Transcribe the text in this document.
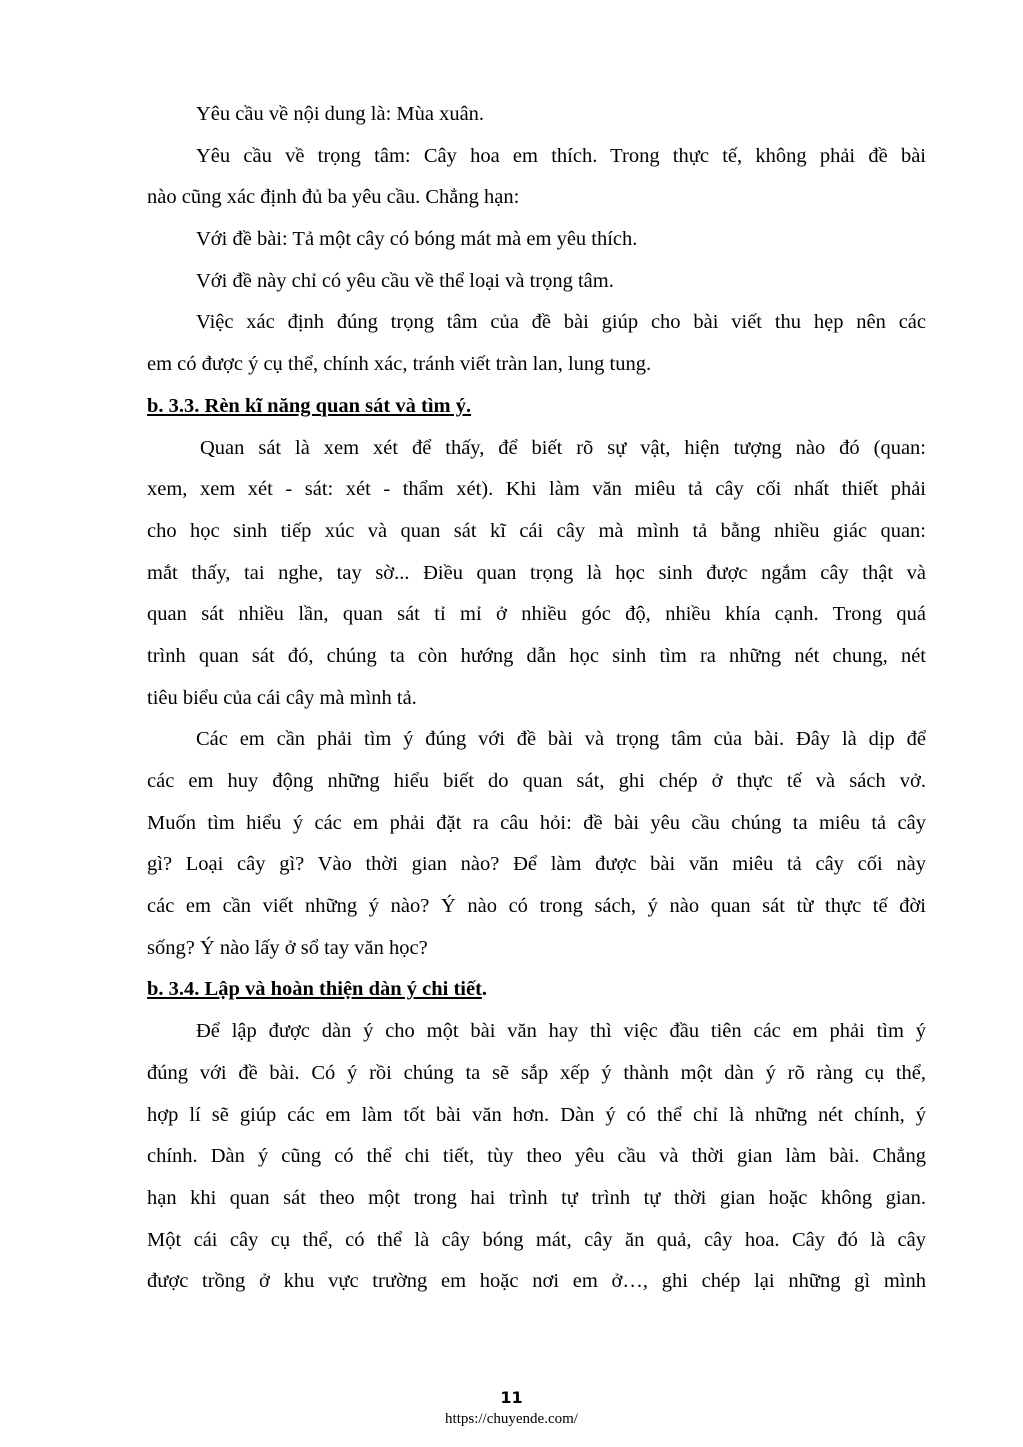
Yêu cầu về nội dung là: Mùa xuân.
Yêu cầu về trọng tâm: Cây hoa em thích. Trong thực tế, không phải đề bài
nào cũng xác định đủ ba yêu cầu. Chẳng hạn:
Với đề bài: Tả một cây có bóng mát mà em yêu thích.
Với đề này chỉ có yêu cầu về thể loại và trọng tâm.
Việc xác định đúng trọng tâm của đề bài giúp cho bài viết thu hẹp nên các
em có được ý cụ thể, chính xác, tránh viết tràn lan, lung tung.
b. 3.3. Rèn kĩ năng quan sát và tìm ý.
Quan sát là xem xét để thấy, để biết rõ sự vật, hiện tượng nào đó (quan:
xem, xem xét - sát: xét - thẩm xét). Khi làm văn miêu tả cây cối nhất thiết phải
cho học sinh tiếp xúc và quan sát kĩ cái cây mà mình tả bằng nhiều giác quan:
mắt thấy, tai nghe, tay sờ... Điều quan trọng là học sinh được ngắm cây thật và
quan sát nhiều lần, quan sát tỉ mỉ ở nhiều góc độ, nhiều khía cạnh. Trong quá
trình quan sát đó, chúng ta còn hướng dẫn học sinh tìm ra những nét chung, nét
tiêu biểu của cái cây mà mình tả.
Các em cần phải tìm ý đúng với đề bài và trọng tâm của bài. Đây là dịp để
các em huy động những hiểu biết do quan sát, ghi chép ở thực tế và sách vở.
Muốn tìm hiểu ý các em phải đặt ra câu hỏi: đề bài yêu cầu chúng ta miêu tả cây
gì? Loại cây gì? Vào thời gian nào? Để làm được bài văn miêu tả cây cối này
các em cần viết những ý nào? Ý nào có trong sách, ý nào quan sát từ thực tế đời
sống? Ý nào lấy ở sổ tay văn học?
b. 3.4. Lập và hoàn thiện dàn ý chi tiết.
Để lập được dàn ý cho một bài văn hay thì việc đầu tiên các em phải tìm ý
đúng với đề bài. Có ý rồi chúng ta sẽ sắp xếp ý thành một dàn ý rõ ràng cụ thể,
hợp lí sẽ giúp các em làm tốt bài văn hơn. Dàn ý có thể chỉ là những nét chính, ý
chính. Dàn ý cũng có thể chi tiết, tùy theo yêu cầu và thời gian làm bài. Chẳng
hạn khi quan sát theo một trong hai trình tự trình tự thời gian hoặc không gian.
Một cái cây cụ thể, có thể là cây bóng mát, cây ăn quả, cây hoa. Cây đó là cây
được trồng ở khu vực trường em hoặc nơi em ở…, ghi chép lại những gì mình
11
https://chuyende.com/
